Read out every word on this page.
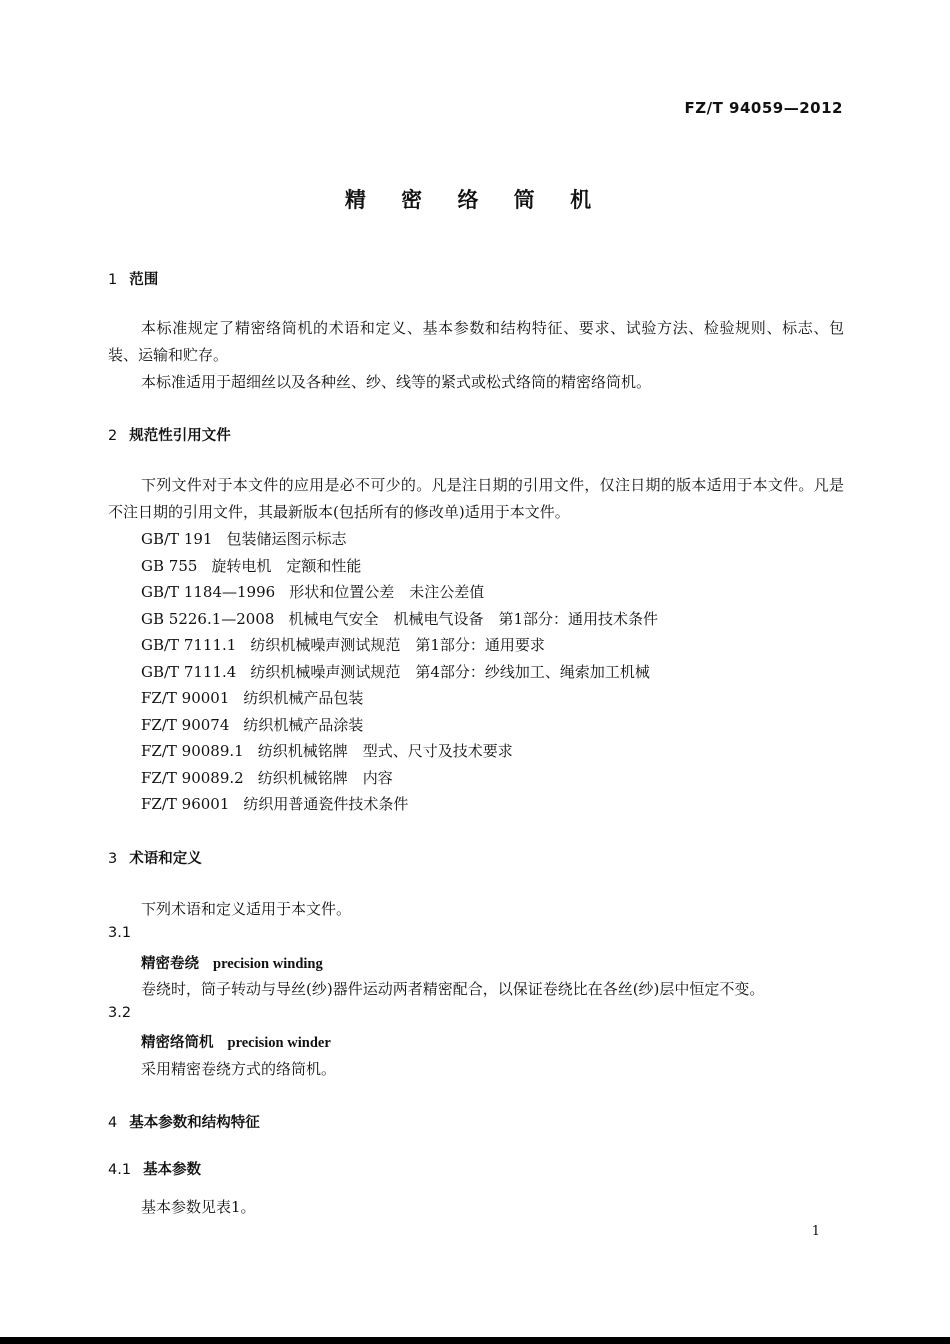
FZ/T 94059—2012
精 密 络 筒 机
1 范围
本标准规定了精密络筒机的术语和定义、基本参数和结构特征、要求、试验方法、检验规则、标志、包装、运输和贮存。
本标准适用于超细丝以及各种丝、纱、线等的紧式或松式络筒的精密络筒机。
2 规范性引用文件
下列文件对于本文件的应用是必不可少的。凡是注日期的引用文件，仅注日期的版本适用于本文件。凡是不注日期的引用文件，其最新版本(包括所有的修改单)适用于本文件。
GB/T 191 包装储运图示标志
GB 755 旋转电机　定额和性能
GB/T 1184—1996 形状和位置公差　未注公差值
GB 5226.1—2008 机械电气安全　机械电气设备　第1部分：通用技术条件
GB/T 7111.1 纺织机械噪声测试规范　第1部分：通用要求
GB/T 7111.4 纺织机械噪声测试规范　第4部分：纱线加工、绳索加工机械
FZ/T 90001 纺织机械产品包装
FZ/T 90074 纺织机械产品涂装
FZ/T 90089.1 纺织机械铭牌　型式、尺寸及技术要求
FZ/T 90089.2 纺织机械铭牌　内容
FZ/T 96001 纺织用普通瓷件技术条件
3 术语和定义
下列术语和定义适用于本文件。
3.1
精密卷绕 precision winding
卷绕时，筒子转动与导丝(纱)器件运动两者精密配合，以保证卷绕比在各丝(纱)层中恒定不变。
3.2
精密络筒机 precision winder
采用精密卷绕方式的络筒机。
4 基本参数和结构特征
4.1 基本参数
基本参数见表1。
1
